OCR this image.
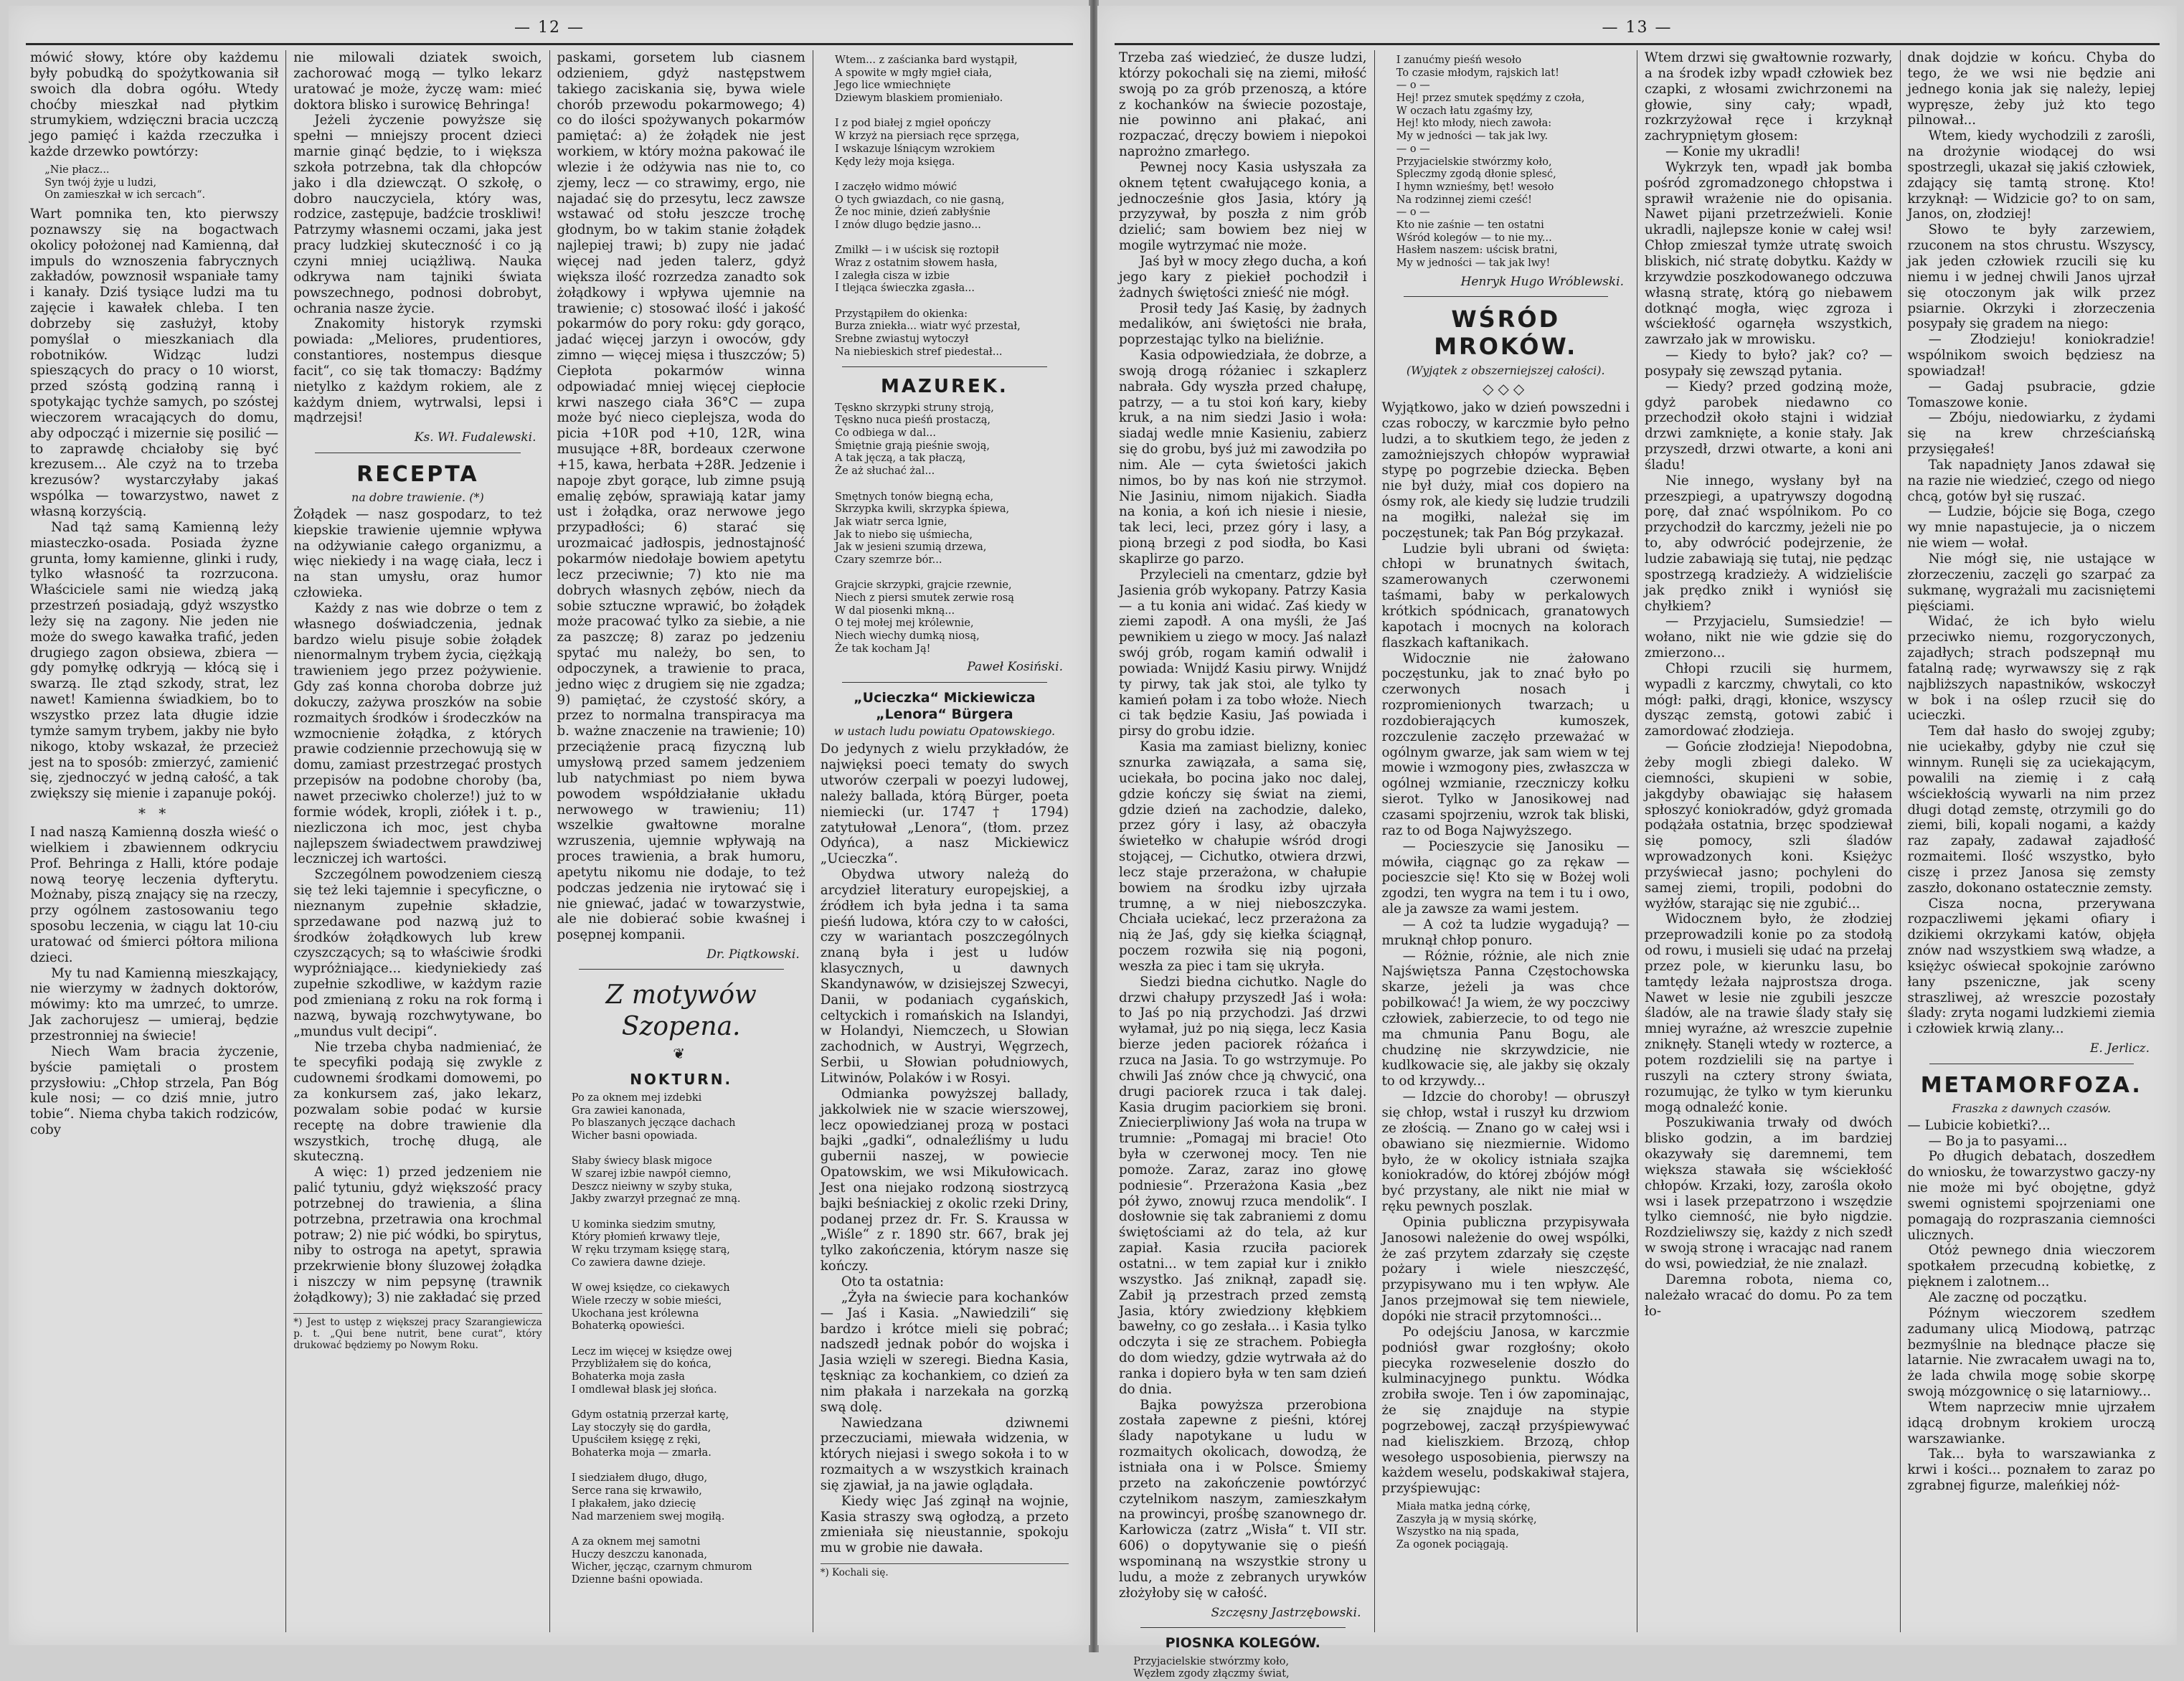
— 12 —

mówić słowy, które oby każdemu były pobudką do spożytkowania sił swoich dla dobra ogółu. Wtedy choćby mieszkał nad płytkim strumykiem, wdzięczni bracia uczczą jego pamięć i każda rzeczułka i każde drzewko powtórzy:

„Nie płacz...
Syn twój żyje u ludzi,
On zamieszkał w ich sercach“.

Wart pomnika ten, kto pierwszy poznawszy się na bogactwach okolicy położonej nad Kamienną, dał impuls do wznoszenia fabrycznych zakładów, powznosił wspaniałe tamy i kanały. Dziś tysiące ludzi ma tu zajęcie i kawałek chleba. I ten dobrzeby się zasłużył, ktoby pomyślał o mieszkaniach dla robotników. Widząc ludzi spieszących do pracy o 10 wiorst, przed szóstą godziną ranną i spotykając tychże samych, po szóstej wieczorem wracających do domu, aby odpocząć i mizernie się posilić — to zaprawdę chciałoby się być krezusem... Ale czyż na to trzeba krezusów? wystarczyłaby jakaś wspólka — towarzystwo, nawet z własną korzyścią.

Nad tąż samą Kamienną leży miasteczko-osada. Posiada żyzne grunta, łomy kamienne, glinki i rudy, tylko własność ta rozrzucona. Właściciele sami nie wiedzą jaką przestrzeń posiadają, gdyż wszystko leży się na zagony. Nie jeden nie może do swego kawałka trafić, jeden drugiego zagon obsiewa, zbiera — gdy pomyłkę odkryją — kłócą się i swarzą. Ile ztąd szkody, strat, lez nawet! Kamienna świadkiem, bo to wszystko przez lata długie idzie tymże samym trybem, jakby nie było nikogo, ktoby wskazał, że przecież jest na to sposób: zmierzyć, zamienić się, zjednoczyć w jedną całość, a tak zwiększy się mienie i zapanuje pokój.

* *

I nad naszą Kamienną doszła wieść o wielkiem i zbawiennem odkryciu Prof. Behringa z Halli, które podaje nową teoryę leczenia dyfterytu. Możnaby, piszą znający się na rzeczy, przy ogólnem zastosowaniu tego sposobu leczenia, w ciągu lat 10-ciu uratować od śmierci półtora miliona dzieci.

My tu nad Kamienną mieszkający, nie wierzymy w żadnych doktorów, mówimy: kto ma umrzeć, to umrze. Jak zachorujesz — umieraj, będzie przestronniej na świecie!

Niech Wam bracia życzenie, byście pamiętali o prostem przysłowiu: „Chłop strzela, Pan Bóg kule nosi; — co dziś mnie, jutro tobie“. Niema chyba takich rodziców, coby

nie milowali dziatek swoich, zachorować mogą — tylko lekarz uratować je może, życzę wam: mieć doktora blisko i surowicę Behringa!

Jeżeli życzenie powyższe się spełni — mniejszy procent dzieci marnie ginąć będzie, to i większa szkoła potrzebna, tak dla chłopców jako i dla dziewcząt. O szkołę, o dobro nauczyciela, który was, rodzice, zastępuje, badźcie troskliwi! Patrzymy własnemi oczami, jaka jest pracy ludzkiej skuteczność i co ją czyni mniej uciążliwą. Nauka odkrywa nam tajniki świata powszechnego, podnosi dobrobyt, ochrania nasze życie.

Znakomity historyk rzymski powiada: „Meliores, prudentiores, constantiores, nostempus diesque facit“, co się tak tłomaczy: Bądźmy nietylko z każdym rokiem, ale z każdym dniem, wytrwalsi, lepsi i mądrzejsi!

Ks. Wł. Fudalewski.
RECEPTA
na dobre trawienie. (*)

Żołądek — nasz gospodarz, to też kiepskie trawienie ujemnie wpływa na odżywianie całego organizmu, a więc niekiedy i na wagę ciała, lecz i na stan umysłu, oraz humor człowieka.

Każdy z nas wie dobrze o tem z własnego doświadczenia, jednak bardzo wielu pisuje sobie żołądek nienormalnym trybem życia, ciężkąją trawieniem jego przez pożywienie. Gdy zaś konna choroba dobrze już dokuczy, zażywa proszków na sobie rozmaitych środków i środeczków na wzmocnienie żołądka, z których prawie codziennie przechowują się w domu, zamiast przestrzegać prostych przepisów na podobne choroby (ba, nawet przeciwko cholerze!) już to w formie wódek, kropli, ziółek i t. p., niezliczona ich moc, jest chyba najlepszem świadectwem prawdziwej leczniczej ich wartości.

Szczególnem powodzeniem cieszą się też leki tajemnie i specyficzne, o nieznanym zupełnie składzie, sprzedawane pod nazwą już to środków żołądkowych lub krew czyszczących; są to właściwie środki wypróżniające... kiedyniekiedy zaś zupełnie szkodliwe, w każdym razie pod zmienianą z roku na rok formą i nazwą, bywają rozchwytywane, bo „mundus vult decipi“.

Nie trzeba chyba nadmieniać, że te specyfiki podają się zwykle z cudownemi środkami domowemi, po za konkursem zaś, jako lekarz, pozwalam sobie podać w kursie receptę na dobre trawienie dla wszystkich, trochę długą, ale skuteczną.

A więc: 1) przed jedzeniem nie palić tytuniu, gdyż większość pracy potrzebnej do trawienia, a ślina potrzebna, przetrawia ona krochmal potraw; 2) nie pić wódki, bo spirytus, niby to ostroga na apetyt, sprawia przekrwienie błony śluzowej żołądka i niszczy w nim pepsynę (trawnik żołądkowy); 3) nie zakładać się przed

*) Jest to ustęp z większej pracy Szarangiewicza p. t. „Qui bene nutrit, bene curat“, który drukować będziemy po Nowym Roku.

paskami, gorsetem lub ciasnem odzieniem, gdyż następstwem takiego zaciskania się, bywa wiele chorób przewodu pokarmowego; 4) co do ilości spożywanych pokarmów pamiętać: a) że żołądek nie jest workiem, w który można pakować ile wlezie i że odżywia nas nie to, co zjemy, lecz — co strawimy, ergo, nie najadać się do przesytu, lecz zawsze wstawać od stołu jeszcze trochę głodnym, bo w takim stanie żołądek najlepiej trawi; b) zupy nie jadać więcej nad jeden talerz, gdyż większa ilość rozrzedza zanadto sok żołądkowy i wpływa ujemnie na trawienie; c) stosować ilość i jakość pokarmów do pory roku: gdy gorąco, jadać więcej jarzyn i owoców, gdy zimno — więcej mięsa i tłuszczów; 5) Ciepłota pokarmów winna odpowiadać mniej więcej ciepłocie krwi naszego ciała 36°C — zupa może być nieco cieplejsza, woda do picia +10R pod +10, 12R, wina musujące +8R, bordeaux czerwone +15, kawa, herbata +28R. Jedzenie i napoje zbyt gorące, lub zimne psują emalię zębów, sprawiają katar jamy ust i żołądka, oraz nerwowe jego przypadłości; 6) starać się urozmaicać jadłospis, jednostajność pokarmów niedołaje bowiem apetytu lecz przeciwnie; 7) kto nie ma dobrych własnych zębów, niech da sobie sztuczne wprawić, bo żołądek może pracować tylko za siebie, a nie za paszczę; 8) zaraz po jedzeniu spytać mu należy, bo sen, to odpoczynek, a trawienie to praca, jedno więc z drugiem się nie zgadza; 9) pamiętać, że czystość skóry, a przez to normalna transpiracya ma b. ważne znaczenie na trawienie; 10) przeciążenie pracą fizyczną lub umysłową przed samem jedzeniem lub natychmiast po niem bywa powodem współdziałanie układu nerwowego w trawieniu; 11) wszelkie gwałtowne moralne wzruszenia, ujemnie wpływają na proces trawienia, a brak humoru, apetytu nikomu nie dodaje, to też podczas jedzenia nie irytować się i nie gniewać, jadać w towarzystwie, ale nie dobierać sobie kwaśnej i posępnej kompanii.

Dr. Piątkowski.
Z motywów Szopena.
❦
NOKTURN.
Po za oknem mej izdebki
Gra zawiei kanonada,
Po blaszanych jęczące dachach
Wicher basni opowiada.

Słaby świecy blask migoce
W szarej izbie nawpół ciemno,
Deszcz nieiwny w szyby stuka,
Jakby zwarzył przegnać ze mną.

U kominka siedzim smutny,
Który płomień krwawy tleje,
W ręku trzymam księgę starą,
Co zawiera dawne dzieje.

W owej księdze, co ciekawych
Wiele rzeczy w sobie mieści,
Ukochana jest królewna
Bohaterką opowieści.

Lecz im więcej w księdze owej
Przybliżałem się do końca,
Bohaterka moja zasła
I omdlewał blask jej słońca.

Gdym ostatnią przerzał kartę,
Lay stoczyły się do gardła,
Upuściłem księgę z ręki,
Bohaterka moja — zmarła.

I siedziałem długo, długo,
Serce rana się krwawiło,
I płakałem, jako dziecię
Nad marzeniem swej mogiłą.

A za oknem mej samotni
Huczy deszczu kanonada,
Wicher, jęcząc, czarnym chmurom
Dzienne baśni opowiada.
Wtem... z zaścianka bard wystąpił,
A spowite w mgły mgieł ciała,
Jego lice wmiechnięte
Dziewym blaskiem promieniało.

I z pod białej z mgieł opończy
W krzyż na piersiach ręce sprzęga,
I wskazuje lśniącym wzrokiem
Kędy leży moja księga.

I zaczęło widmo mówić
O tych gwiazdach, co nie gasną,
Że noc minie, dzień zabłyśnie
I znów dlugo będzie jasno...

Zmilkł — i w uścisk się roztopił
Wraz z ostatnim słowem hasła,
I zaległa cisza w izbie
I tlejąca świeczka zgasła...

Przystąpiłem do okienka:
Burza zniekła... wiatr wyć przestał,
Srebne zwiastuj wytoczył
Na niebieskich stref piedestał...
MAZUREK.
Tęskno skrzypki struny stroją,
Tęskno nuca pieśń prostaczą,
Co odbiega w dal...
Śmiętnie grają pieśnie swoją,
A tak jęczą, a tak płaczą,
Że aż słuchać żal...

Smętnych tonów biegną echa,
Skrzypka kwili, skrzypka śpiewa,
Jak wiatr serca lgnie,
Jak to niebo się uśmiecha,
Jak w jesieni szumią drzewa,
Czary szemrze bór...

Grajcie skrzypki, grajcie rzewnie,
Niech z piersi smutek zerwie rosą
W dal piosenki mkną...
O tej mołej mej królewnie,
Niech wiechy dumką niosą,
Że tak kocham Ją!
Paweł Kosiński.
„Ucieczka“ Mickiewicza
„Lenora“ Bürgera
w ustach ludu powiatu Opatowskiego.

Do jedynych z wielu przykładów, że najwięksi poeci tematy do swych utworów czerpali w poezyi ludowej, należy ballada, którą Bürger, poeta niemiecki (ur. 1747 † 1794) zatytułował „Lenora“, (tłom. przez Odyńca), a nasz Mickiewicz „Ucieczka“.

Obydwa utwory należą do arcydzieł literatury europejskiej, a źródłem ich była jedna i ta sama pieśń ludowa, która czy to w całości, czy w wariantach poszczególnych znaną była i jest u ludów klasycznych, u dawnych Skandynawów, w dzisiejszej Szwecyi, Danii, w podaniach cygańskich, celtyckich i romańskich na Islandyi, w Holandyi, Niemczech, u Słowian zachodnich, w Austryi, Węgrzech, Serbii, u Słowian południowych, Litwinów, Polaków i w Rosyi.

Odmianka powyższej ballady, jakkolwiek nie w szacie wierszowej, lecz opowiedzianej prozą w postaci bajki „gadki“, odnaleźliśmy u ludu gubernii naszej, w powiecie Opatowskim, we wsi Mikułowicach. Jest ona niejako rodzoną siostrzycą bajki beśniackiej z okolic rzeki Driny, podanej przez dr. Fr. S. Kraussa w „Wiśle“ z r. 1890 str. 667, brak jej tylko zakończenia, którym nasze się kończy.

Oto ta ostatnia:

„Żyła na świecie para kochanków — Jaś i Kasia. „Nawiedzili“ się bardzo i krótce mieli się pobrać; nadszedł jednak pobór do wojska i Jasia wzięli w szeregi. Biedna Kasia, tęskniąc za kochankiem, co dzień za nim płakała i narzekała na gorzką swą dolę.

Nawiedzana dziwnemi przeczuciami, miewała widzenia, w których niejasi i swego sokoła i to w rozmaitych a w wszystkich krainach się zjawiał, ja na jawie oglądała.

Kiedy więc Jaś zginął na wojnie, Kasia straszy swą ogłodzą, a przeto zmieniała się nieustannie, spokoju mu w grobie nie dawała.

*) Kochali się.
— 13 —

Trzeba zaś wiedzieć, że dusze ludzi, którzy pokochali się na ziemi, miłość swoją po za grób przenoszą, a które z kochanków na świecie pozostaje, nie powinno ani płakać, ani rozpaczać, dręczy bowiem i niepokoi naprożno zmarłego.

Pewnej nocy Kasia usłyszała za oknem tętent cwałującego konia, a jednocześnie głos Jasia, który ją przyzywał, by poszła z nim grób dzielić; sam bowiem bez niej w mogile wytrzymać nie może.

Jaś był w mocy złego ducha, a koń jego kary z piekieł pochodził i żadnych świętości znieść nie mógł.

Prosił tedy Jaś Kasię, by żadnych medalików, ani świętości nie brała, poprzestając tylko na bieliźnie.

Kasia odpowiedziała, że dobrze, a swoją drogą różaniec i szkaplerz nabrała. Gdy wyszła przed chałupę, patrzy, — a tu stoi koń kary, kieby kruk, a na nim siedzi Jasio i woła: siadaj wedle mnie Kasieniu, zabierz się do grobu, byś już mi zawodziła po nim. Ale — cyta świetości jakich nimos, bo by nas koń nie strzymoł. Nie Jasiniu, nimom nijakich. Siadła na konia, a koń ich niesie i niesie, tak leci, leci, przez góry i lasy, a pioną brzegi z pod siodła, bo Kasi skaplirze go parzo.

Przylecieli na cmentarz, gdzie był Jasienia grób wykopany. Patrzy Kasia — a tu konia ani widać. Zaś kiedy w ziemi zapodł. A ona myśli, że Jaś pewnikiem u ziego w mocy. Jaś nalazł swój grób, rogam kamiń odwalił i powiada: Wnijdź Kasiu pirwy. Wnijdź ty pirwy, tak jak stoi, ale tylko ty kamień połam i za tobo włoże. Niech ci tak będzie Kasiu, Jaś powiada i pirsy do grobu idzie.

Kasia ma zamiast bielizny, koniec sznurka zawiązała, a sama się, uciekała, bo pocina jako noc dalej, gdzie kończy się świat na ziemi, gdzie dzień na zachodzie, daleko, przez góry i lasy, aż obaczyła świetełko w chałupie wśród drogi stojącej, — Cichutko, otwiera drzwi, lecz staje przerażona, w chałupie bowiem na środku izby ujrzała trumnę, a w niej nieboszczyka. Chciała uciekać, lecz przerażona za nią że Jaś, gdy się kiełka ściągnął, poczem rozwiła się nią pogoni, weszła za piec i tam się ukryła.

Siedzi biedna cichutko. Nagle do drzwi chałupy przyszedł Jaś i woła: to Jaś po nią przychodzi. Jaś drzwi wyłamał, już po nią sięga, lecz Kasia bierze jeden paciorek różańca i rzuca na Jasia. To go wstrzymuje. Po chwili Jaś znów chce ją chwycić, ona drugi paciorek rzuca i tak dalej. Kasia drugim paciorkiem się broni. Zniecierpliwiony Jaś woła na trupa w trumnie: „Pomagaj mi bracie! Oto była w czerwonej mocy. Ten nie pomoże. Zaraz, zaraz ino głowę podniesie“. Przerażona Kasia „bez pół żywo, znowuj rzuca mendolik“. I dosłownie się tak zabraniemi z domu świętościami aż do tela, aż kur zapiał. Kasia rzuciła paciorek ostatni... w tem zapiał kur i znikło wszystko. Jaś zniknął, zapadł się. Zabił ją przestrach przed zemstą Jasia, który zwiedziony kłębkiem bawełny, co go zesłała... i Kasia tylko odczyta i się ze strachem. Pobiegła do dom wiedzy, gdzie wytrwała aż do ranka i dopiero była w ten sam dzień do dnia.

Bajka powyższa przerobiona została zapewne z pieśni, której ślady napotykane u ludu w rozmaitych okolicach, dowodzą, że istniała ona i w Polsce. Śmiemy przeto na zakończenie powtórzyć czytelnikom naszym, zamieszkałym na prowincyi, prośbę szanownego dr. Karłowicza (zatrz „Wisła“ t. VII str. 606) o dopytywanie się o pieśń wspominaną na wszystkie strony u ludu, a może z zebranych urywków złożyłoby się w całość.

Szczęsny Jastrzębowski.
PIOSNKA KOLEGÓW.
Przyjacielskie stwórzmy koło,
Węzłem zgody złączmy świat,
I zanućmy pieśń wesoło
To czasie młodym, rajskich lat!
— o —
Hej! przez smutek spędźmy z czoła,
W oczach łatu zgaśmy łzy,
Hej! kto młody, niech zawoła:
My w jedności — tak jak lwy.
— o —
Przyjacielskie stwórzmy koło,
Spleczmy zgodą dłonie splesć,
I hymn wznieśmy, bęt! wesoło
Na rodzinnej ziemi cześć!
— o —
Kto nie zaśnie — ten ostatni
Wśród kolegów — to nie my...
Hasłem naszem: uścisk bratni,
My w jedności — tak jak lwy!
Henryk Hugo Wróblewski.
WŚRÓD MROKÓW.
(Wyjątek z obszerniejszej całości).
◇◇◇

Wyjątkowo, jako w dzień powszedni i czas roboczy, w karczmie było pełno ludzi, a to skutkiem tego, że jeden z zamożniejszych chłopów wyprawiał stypę po pogrzebie dziecka. Bęben nie był duży, miał cos dopiero na ósmy rok, ale kiedy się ludzie trudzili na mogiłki, należał się im poczęstunek; tak Pan Bóg przykazał.

Ludzie byli ubrani od święta: chłopi w brunatnych świtach, szamerowanych czerwonemi taśmami, baby w perkalowych krótkich spódnicach, granatowych kapotach i mocnych na kolorach flaszkach kaftanikach.

Widocznie nie żałowano poczęstunku, jak to znać było po czerwonych nosach i rozpromienionych twarzach; u rozdobierających kumoszek, rozczulenie zaczęło przeważać w ogólnym gwarze, jak sam wiem w tej mowie i wzmogony pies, zwłaszcza w ogólnej wzmianie, rzeczniczy kołku sierot. Tylko w Janosikowej nad czasami spojrzeniu, wzrok tak bliski, raz to od Boga Najwyższego.

— Pocieszycie się Janosiku — mówiła, ciągnąc go za rękaw — pocieszcie się! Kto się w Bożej woli zgodzi, ten wygra na tem i tu i owo, ale ja zawsze za wami jestem.

— A coż ta ludzie wygadują? — mruknął chłop ponuro.

— Różnie, różnie, ale nich znie Najświętsza Panna Częstochowska skarze, jeżeli ja was chce pobilkować! Ja wiem, że wy poczciwy człowiek, zabierzecie, to od tego nie ma chmunia Panu Bogu, ale chudzinę nie skrzywdzicie, nie kudlkowacie się, ale jakby się okzaly to od krzywdy...

— Idzcie do choroby! — obruszył się chłop, wstał i ruszył ku drzwiom ze złością. — Znano go w całej wsi i obawiano się niezmiernie. Widomo było, że w okolicy istniała szajka koniokradów, do której zbójów mógł być przystany, ale nikt nie miał w ręku pewnych poszlak.

Opinia publiczna przypisywała Janosowi należenie do owej wspólki, że zaś przytem zdarzały się częste pożary i wiele nieszczęść, przypisywano mu i ten wpływ. Ale Janos przejmował się tem niewiele, dopóki nie stracił przytomności...

Po odejściu Janosa, w karczmie podniósł gwar rozgłośny; około piecyka rozweselenie doszło do kulminacyjnego punktu. Wódka zrobiła swoje. Ten i ów zapominając, że się znajduje na stypie pogrzebowej, zaczął przyśpiewywać nad kieliszkiem. Brzozą, chłop wesołego usposobienia, pierwszy na każdem weselu, podskakiwał stajera, przyśpiewując:

Miała matka jedną córkę,
Zaszyła ją w mysią skórkę,
Wszystko na nią spada,
Za ogonek pociągają.

Wtem drzwi się gwałtownie rozwarły, a na środek izby wpadł człowiek bez czapki, z włosami zwichrzonemi na głowie, siny cały; wpadł, rozkrzyżował ręce i krzyknął zachrypniętym głosem:

— Konie my ukradli!

Wykrzyk ten, wpadł jak bomba pośród zgromadzonego chłopstwa i sprawił wrażenie nie do opisania. Nawet pijani przetrzeźwieli. Konie ukradli, najlepsze konie w całej wsi! Chłop zmieszał tymże utratę swoich bliskich, nić stratę dobytku. Każdy w krzywdzie poszkodowanego odczuwa własną stratę, którą go niebawem dotknąć mogła, więc zgroza i wściekłość ogarnęła wszystkich, zawrzało jak w mrowisku.

— Kiedy to było? jak? co? — posypały się zewsząd pytania.

— Kiedy? przed godziną może, gdyż parobek niedawno co przechodził około stajni i widział drzwi zamknięte, a konie stały. Jak przyszedł, drzwi otwarte, a koni ani śladu!

Nie innego, wysłany był na przeszpiegi, a upatrywszy dogodną porę, dał znać wspólnikom. Po co przychodził do karczmy, jeżeli nie po to, aby odwrócić podejrzenie, że ludzie zabawiają się tutaj, nie pędząc spostrzegą kradzieży. A widzieliście jak prędko znikł i wyniósł się chyłkiem?

— Przyjacielu, Sumsiedzie! — wołano, nikt nie wie gdzie się do zmierzono...

Chłopi rzucili się hurmem, wypadli z karczmy, chwytali, co kto mógł: pałki, drągi, kłonice, wszyscy dysząc zemstą, gotowi zabić i zamordować złodzieja.

— Gońcie złodzieja! Niepodobna, żeby mogli zbiegi daleko. W ciemności, skupieni w sobie, jakgdyby obawiając się hałasem spłoszyć koniokradów, gdyż gromada podążała ostatnia, brzęc spodziewał się pomocy, szli śladów wprowadzonych koni. Księżyc przyświecał jasno; pochyleni do samej ziemi, tropili, podobni do wyżłów, starając się nie zgubić...

Widocznem było, że złodziej przeprowadzili konie po za stodołą od rowu, i musieli się udać na przełaj przez pole, w kierunku lasu, bo tamtędy leżała najprostsza droga. Nawet w lesie nie zgubili jeszcze śladów, ale na trawie ślady stały się mniej wyraźne, aż wreszcie zupełnie zniknęły. Stanęli wtedy w rozterce, a potem rozdzielili się na partye i ruszyli na cztery strony świata, rozumując, że tylko w tym kierunku mogą odnaleźć konie.

Poszukiwania trwały od dwóch blisko godzin, a im bardziej okazywały się daremnemi, tem większa stawała się wściekłość chłopów. Krzaki, łozy, zarośla około wsi i lasek przepatrzono i wszędzie tylko ciemność, nie było nigdzie. Rozdzieliwszy się, każdy z nich szedł w swoją stronę i wracając nad ranem do wsi, powiedział, że nie znalazł.

Daremna robota, niema co, należało wracać do domu. Po za tem ło-

dnak dojdzie w końcu. Chyba do tego, że we wsi nie będzie ani jednego konia jak się należy, lepiej wypręsze, żeby już kto tego pilnował...

Wtem, kiedy wychodzili z zarośli, na drożynie wiodącej do wsi spostrzegli, ukazał się jakiś człowiek, zdający się tamtą stronę. Kto! krzyknął: — Widzicie go? to on sam, Janos, on, złodziej!

Słowo te były zarzewiem, rzuconem na stos chrustu. Wszyscy, jak jeden człowiek rzucili się ku niemu i w jednej chwili Janos ujrzał się otoczonym jak wilk przez psiarnie. Okrzyki i złorzeczenia posypały się gradem na niego:

— Złodzieju! koniokradzie! wspólnikom swoich będziesz na spowiadzał!

— Gadaj psubracie, gdzie Tomaszowe konie.

— Zbóju, niedowiarku, z żydami się na krew chrześciańską przysięgałeś!

Tak napadnięty Janos zdawał się na razie nie wiedzieć, czego od niego chcą, gotów był się ruszać.

— Ludzie, bójcie się Boga, czego wy mnie napastujecie, ja o niczem nie wiem — wołał.

Nie mógł się, nie ustające w złorzeczeniu, zaczęli go szarpać za sukmanę, wygrażali mu zacisniętemi pięściami.

Widać, że ich było wielu przeciwko niemu, rozgoryczonych, zajadłych; strach podszepnął mu fatalną radę; wyrwawszy się z rąk najbliższych napastników, wskoczył w bok i na oślep rzucił się do ucieczki.

Tem dał hasło do swojej zguby; nie uciekałby, gdyby nie czuł się winnym. Runęli się za uciekającym, powalili na ziemię i z całą wściekłością wywarli na nim przez długi dotąd zemstę, otrzymili go do ziemi, bili, kopali nogami, a każdy raz zapały, zadawał zajadłość rozmaitemi. Ilość wszystko, było ciszę i przez Janosa się zemsty zaszło, dokonano ostatecznie zemsty.

Cisza nocna, przerywana rozpaczliwemi jękami ofiary i dzikiemi okrzykami katów, objęła znów nad wszystkiem swą władze, a księżyc oświecał spokojnie zarówno łany pszeniczne, jak sceny straszliwej, aż wreszcie pozostały ślady: zryta nogami ludzkiemi ziemia i człowiek krwią zlany...

E. Jerlicz.
METAMORFOZA.
Fraszka z dawnych czasów.

— Lubicie kobietki?...

— Bo ja to pasyami...

Po długich debatach, doszedłem do wniosku, że towarzystwo gaczy-ny nie może mi być obojętne, gdyż swemi ognistemi spojrzeniami one pomagają do rozpraszania ciemności ulicznych.

Otóż pewnego dnia wieczorem spotkałem przecudną kobietkę, z pięknem i zalotnem...

Ale zacznę od początku.

Późnym wieczorem szedłem zadumany ulicą Miodową, patrząc bezmyślnie na blednące płacze się latarnie. Nie zwracałem uwagi na to, że lada chwila mogę sobie skorpę swoją mózgownicę o się latarniowy...

Wtem naprzeciw mnie ujrzałem idącą drobnym krokiem uroczą warszawianke.

Tak... była to warszawianka z krwi i kości... poznałem to zaraz po zgrabnej figurze, maleńkiej nóż-
